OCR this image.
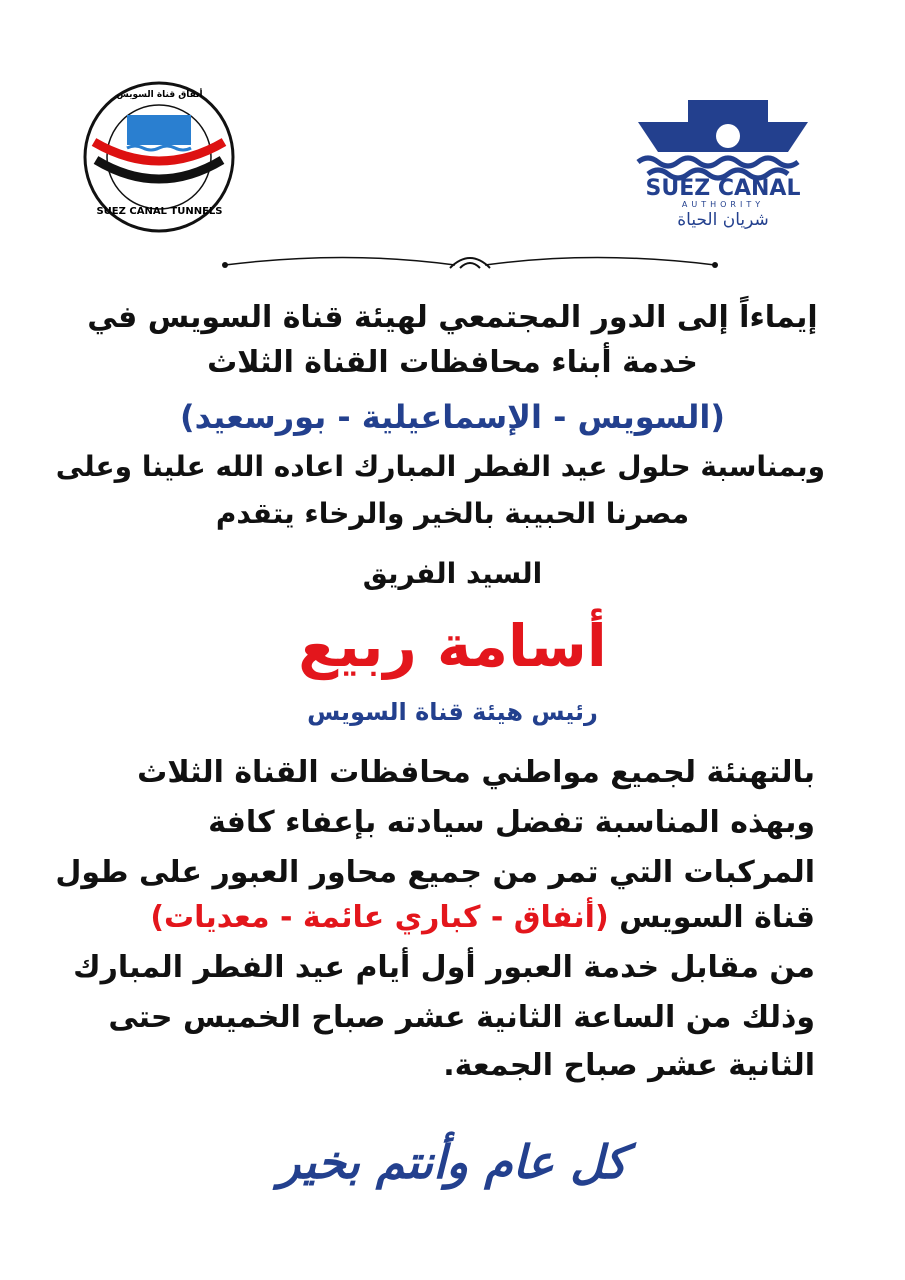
SUEZ CANAL TUNNELS
أنفاق قناة السويس
SUEZ CANAL
AUTHORITY
شريان الحياة
إيماءاً إلى الدور المجتمعي لهيئة قناة السويس في
خدمة أبناء محافظات القناة الثلاث
(السويس - الإسماعيلية - بورسعيد)
وبمناسبة حلول عيد الفطر المبارك اعاده الله علينا وعلى
مصرنا الحبيبة بالخير والرخاء يتقدم
السيد الفريق
أسامة ربيع
رئيس هيئة قناة السويس
بالتهنئة لجميع مواطني محافظات القناة الثلاث
وبهذه المناسبة تفضل سيادته بإعفاء كافة
المركبات التي تمر من جميع محاور العبور على طول
قناة السويس (أنفاق - كباري عائمة - معديات)
من مقابل خدمة العبور أول أيام عيد الفطر المبارك
وذلك من الساعة الثانية عشر صباح الخميس حتى
الثانية عشر صباح الجمعة.
كل عام وأنتم بخير
